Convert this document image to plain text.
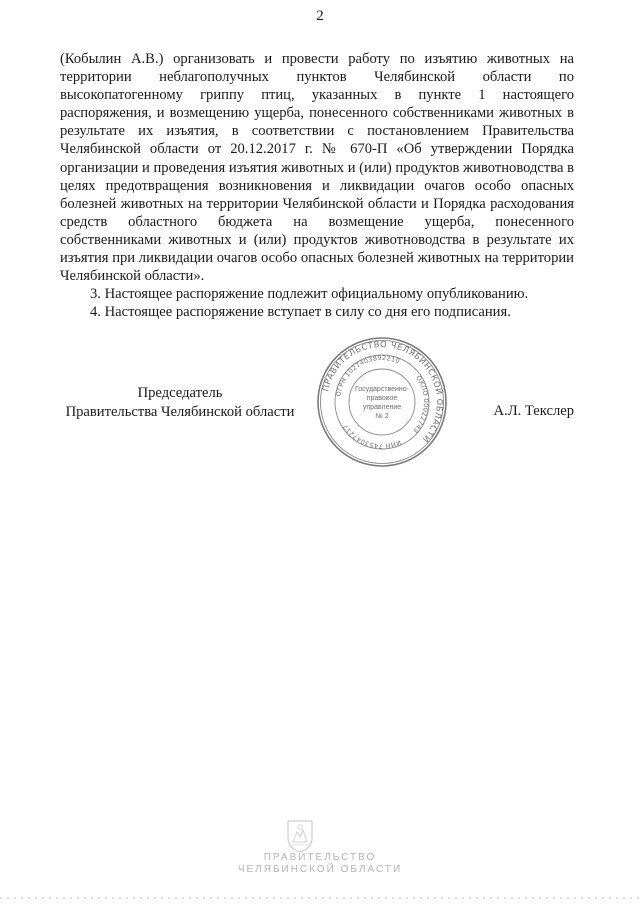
2

(Кобылин А.В.) организовать и провести работу по изъятию животных на территории неблагополучных пунктов Челябинской области по высокопатогенному гриппу птиц, указанных в пункте 1 настоящего распоряжения, и возмещению ущерба, понесенного собственниками животных в результате их изъятия, в соответствии с постановлением Правительства Челябинской области от 20.12.2017 г. № 670-П «Об утверждении Порядка организации и проведения изъятия животных и (или) продуктов животноводства в целях предотвращения возникновения и ликвидации очагов особо опасных болезней животных на территории Челябинской области и Порядка расходования средств областного бюджета на возмещение ущерба, понесенного собственниками животных и (или) продуктов животноводства в результате их изъятия при ликвидации очагов особо опасных болезней животных на территории Челябинской области».

3. Настоящее распоряжение подлежит официальному опубликованию.

4. Настоящее распоряжение вступает в силу со дня его подписания.

Председатель
Правительства Челябинской области
ПРАВИТЕЛЬСТВО ЧЕЛЯБИНСКОЙ ОБЛАСТИ
ОГРН 1027403892210
ОКПО 00022743
ИНН 7453047217
Государственно-
правовое
управление
№ 2	А.Л. Текслер
ПРАВИТЕЛЬСТВО
ЧЕЛЯБИНСКОЙ ОБЛАСТИ
